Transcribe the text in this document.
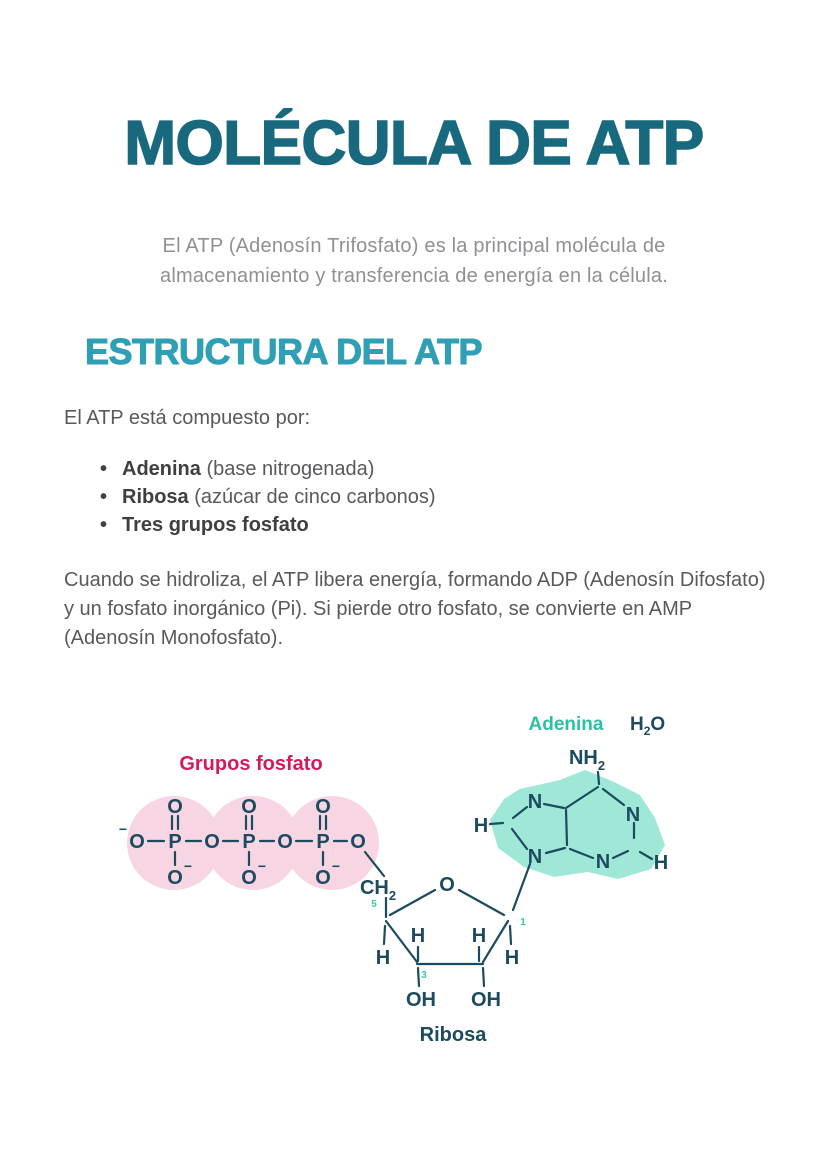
MOLÉCULA DE ATP

El ATP (Adenosín Trifosfato) es la principal molécula de almacenamiento y transferencia de energía en la célula.

ESTRUCTURA DEL ATP

El ATP está compuesto por:

• Adenina (base nitrogenada)
• Ribosa (azúcar de cinco carbonos)
• Tres grupos fosfato

Cuando se hidroliza, el ATP libera energía, formando ADP (Adenosín Difosfato) y un fosfato inorgánico (Pi). Si pierde otro fosfato, se convierte en AMP (Adenosín Monofosfato).

Grupos fosfato
Adenina $H_2O$
Ribosa
−
O P O P O P O
O	O	O
O
−
O
−
O
−
$CH_2$
5
O
H H
H	H
1
3
OH OH
$NH_2$
N
N
N
N
H
H
